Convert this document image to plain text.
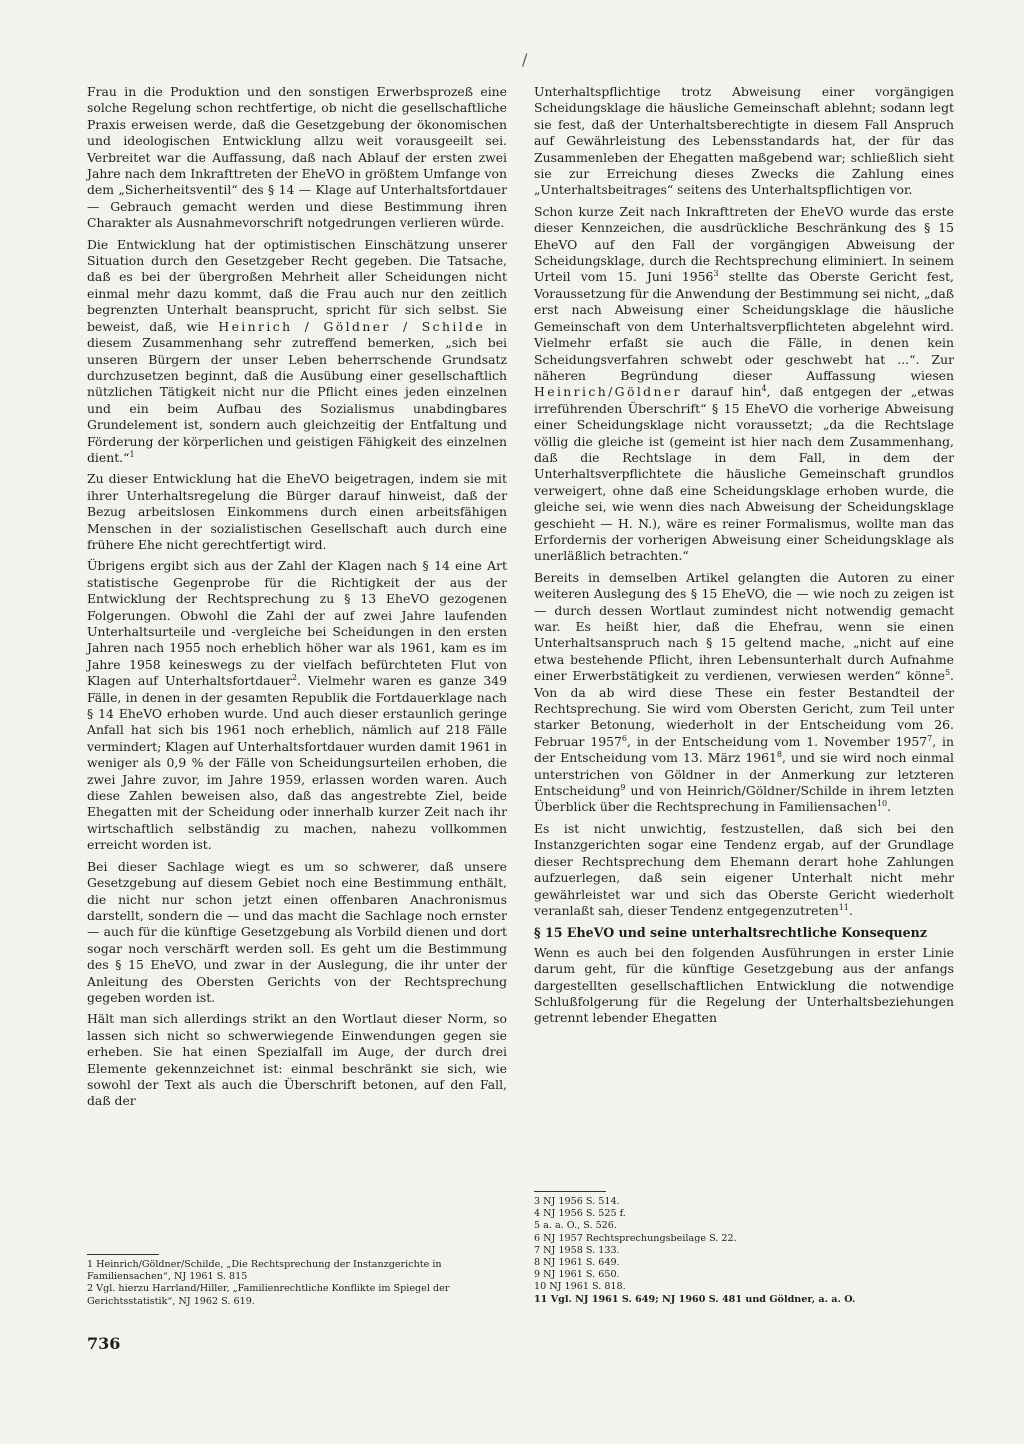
/

Frau in die Produktion und den sonstigen Erwerbsprozeß eine solche Regelung schon rechtfertige, ob nicht die gesellschaftliche Praxis erweisen werde, daß die Gesetzgebung der ökonomischen und ideologischen Entwicklung allzu weit vorausgeeilt sei. Verbreitet war die Auffassung, daß nach Ablauf der ersten zwei Jahre nach dem Inkrafttreten der EheVO in größtem Umfange von dem „Sicherheitsventil“ des § 14 — Klage auf Unterhaltsfortdauer — Gebrauch gemacht werden und diese Bestimmung ihren Charakter als Ausnahmevorschrift notgedrungen verlieren würde.

Die Entwicklung hat der optimistischen Einschätzung unserer Situation durch den Gesetzgeber Recht gegeben. Die Tatsache, daß es bei der übergroßen Mehrheit aller Scheidungen nicht einmal mehr dazu kommt, daß die Frau auch nur den zeitlich begrenzten Unterhalt beansprucht, spricht für sich selbst. Sie beweist, daß, wie Heinrich / Göldner / Schilde in diesem Zusammenhang sehr zutreffend bemerken, „sich bei unseren Bürgern der unser Leben beherrschende Grundsatz durchzusetzen beginnt, daß die Ausübung einer gesellschaftlich nützlichen Tätigkeit nicht nur die Pflicht eines jeden einzelnen und ein beim Aufbau des Sozialismus unabdingbares Grundelement ist, sondern auch gleichzeitig der Entfaltung und Förderung der körperlichen und geistigen Fähigkeit des einzelnen dient.“$^1$

Zu dieser Entwicklung hat die EheVO beigetragen, indem sie mit ihrer Unterhaltsregelung die Bürger darauf hinweist, daß der Bezug arbeitslosen Einkommens durch einen arbeitsfähigen Menschen in der sozialistischen Gesellschaft auch durch eine frühere Ehe nicht gerechtfertigt wird.

Übrigens ergibt sich aus der Zahl der Klagen nach § 14 eine Art statistische Gegenprobe für die Richtigkeit der aus der Entwicklung der Rechtsprechung zu § 13 EheVO gezogenen Folgerungen. Obwohl die Zahl der auf zwei Jahre laufenden Unterhaltsurteile und -vergleiche bei Scheidungen in den ersten Jahren nach 1955 noch erheblich höher war als 1961, kam es im Jahre 1958 keineswegs zu der vielfach befürchteten Flut von Klagen auf Unterhaltsfortdauer$^2$. Vielmehr waren es ganze 349 Fälle, in denen in der gesamten Republik die Fortdauerklage nach § 14 EheVO erhoben wurde. Und auch dieser erstaunlich geringe Anfall hat sich bis 1961 noch erheblich, nämlich auf 218 Fälle vermindert; Klagen auf Unterhaltsfortdauer wurden damit 1961 in weniger als 0,9 % der Fälle von Scheidungsurteilen erhoben, die zwei Jahre zuvor, im Jahre 1959, erlassen worden waren. Auch diese Zahlen beweisen also, daß das angestrebte Ziel, beide Ehegatten mit der Scheidung oder innerhalb kurzer Zeit nach ihr wirtschaftlich selbständig zu machen, nahezu vollkommen erreicht worden ist.

Bei dieser Sachlage wiegt es um so schwerer, daß unsere Gesetzgebung auf diesem Gebiet noch eine Bestimmung enthält, die nicht nur schon jetzt einen offenbaren Anachronismus darstellt, sondern die — und das macht die Sachlage noch ernster — auch für die künftige Gesetzgebung als Vorbild dienen und dort sogar noch verschärft werden soll. Es geht um die Bestimmung des § 15 EheVO, und zwar in der Auslegung, die ihr unter der Anleitung des Obersten Gerichts von der Rechtsprechung gegeben worden ist.

Hält man sich allerdings strikt an den Wortlaut dieser Norm, so lassen sich nicht so schwerwiegende Einwendungen gegen sie erheben. Sie hat einen Spezialfall im Auge, der durch drei Elemente gekennzeichnet ist: einmal beschränkt sie sich, wie sowohl der Text als auch die Überschrift betonen, auf den Fall, daß der

1 Heinrich/Göldner/Schilde, „Die Rechtsprechung der Instanzgerichte in Familiensachen“, NJ 1961 S. 815

2 Vgl. hierzu Harrland/Hiller, „Familienrechtliche Konflikte im Spiegel der Gerichtsstatistik“, NJ 1962 S. 619.

Unterhaltspflichtige trotz Abweisung einer vorgängigen Scheidungsklage die häusliche Gemeinschaft ablehnt; sodann legt sie fest, daß der Unterhaltsberechtigte in diesem Fall Anspruch auf Gewährleistung des Lebensstandards hat, der für das Zusammenleben der Ehegatten maßgebend war; schließlich sieht sie zur Erreichung dieses Zwecks die Zahlung eines „Unterhaltsbeitrages“ seitens des Unterhaltspflichtigen vor.

Schon kurze Zeit nach Inkrafttreten der EheVO wurde das erste dieser Kennzeichen, die ausdrückliche Beschränkung des § 15 EheVO auf den Fall der vorgängigen Abweisung der Scheidungsklage, durch die Rechtsprechung eliminiert. In seinem Urteil vom 15. Juni 1956$^3$ stellte das Oberste Gericht fest, Voraussetzung für die Anwendung der Bestimmung sei nicht, „daß erst nach Abweisung einer Scheidungsklage die häusliche Gemeinschaft von dem Unterhaltsverpflichteten abgelehnt wird. Vielmehr erfaßt sie auch die Fälle, in denen kein Scheidungsverfahren schwebt oder geschwebt hat ...“. Zur näheren Begründung dieser Auffassung wiesen Heinrich/Göldner darauf hin$^4$, daß entgegen der „etwas irreführenden Überschrift“ § 15 EheVO die vorherige Abweisung einer Scheidungsklage nicht voraussetzt; „da die Rechtslage völlig die gleiche ist (gemeint ist hier nach dem Zusammenhang, daß die Rechtslage in dem Fall, in dem der Unterhaltsverpflichtete die häusliche Gemeinschaft grundlos verweigert, ohne daß eine Scheidungsklage erhoben wurde, die gleiche sei, wie wenn dies nach Abweisung der Scheidungsklage geschieht — H. N.), wäre es reiner Formalismus, wollte man das Erfordernis der vorherigen Abweisung einer Scheidungsklage als unerläßlich betrachten.“

Bereits in demselben Artikel gelangten die Autoren zu einer weiteren Auslegung des § 15 EheVO, die — wie noch zu zeigen ist — durch dessen Wortlaut zumindest nicht notwendig gemacht war. Es heißt hier, daß die Ehefrau, wenn sie einen Unterhaltsanspruch nach § 15 geltend mache, „nicht auf eine etwa bestehende Pflicht, ihren Lebensunterhalt durch Aufnahme einer Erwerbstätigkeit zu verdienen, verwiesen werden“ könne$^5$. Von da ab wird diese These ein fester Bestandteil der Rechtsprechung. Sie wird vom Obersten Gericht, zum Teil unter starker Betonung, wiederholt in der Entscheidung vom 26. Februar 1957$^6$, in der Entscheidung vom 1. November 1957$^7$, in der Entscheidung vom 13. März 1961$^8$, und sie wird noch einmal unterstrichen von Göldner in der Anmerkung zur letzteren Entscheidung$^9$ und von Heinrich/Göldner/Schilde in ihrem letzten Überblick über die Rechtsprechung in Familiensachen$^{10}$.

Es ist nicht unwichtig, festzustellen, daß sich bei den Instanzgerichten sogar eine Tendenz ergab, auf der Grundlage dieser Rechtsprechung dem Ehemann derart hohe Zahlungen aufzuerlegen, daß sein eigener Unterhalt nicht mehr gewährleistet war und sich das Oberste Gericht wiederholt veranlaßt sah, dieser Tendenz entgegenzutreten$^{11}$.

§ 15 EheVO und seine unterhaltsrechtliche Konsequenz

Wenn es auch bei den folgenden Ausführungen in erster Linie darum geht, für die künftige Gesetzgebung aus der anfangs dargestellten gesellschaftlichen Entwicklung die notwendige Schlußfolgerung für die Regelung der Unterhaltsbeziehungen getrennt lebender Ehegatten

3 NJ 1956 S. 514.

4 NJ 1956 S. 525 f.

5 a. a. O., S. 526.

6 NJ 1957 Rechtsprechungsbeilage S. 22.

7 NJ 1958 S. 133.

8 NJ 1961 S. 649.

9 NJ 1961 S. 650.

10 NJ 1961 S. 818.

11 Vgl. NJ 1961 S. 649; NJ 1960 S. 481 und Göldner, a. a. O.

736
